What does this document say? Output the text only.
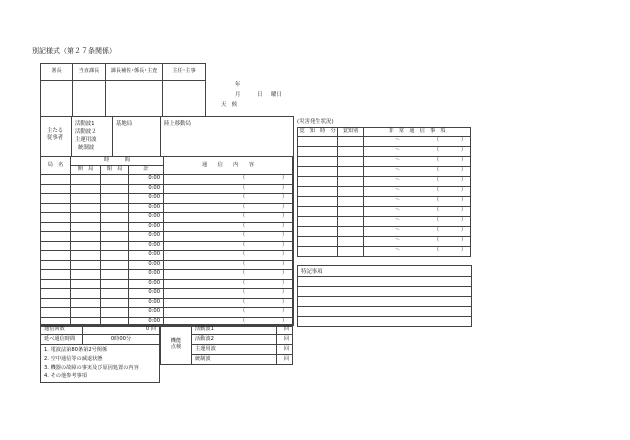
別記様式（第２７条関係）
署長	当直課長	課長補佐･係長･主査	主任･主事	

年
月	日 曜日
天　候
主たる
従事者
活動波1
活動波２
主運用波
統制波
基地局	陸上移動局
局　名	時　　　間			通　　信　　内　　容
	開　局	閉　局	計	
			0:00	（ ）

			0:00	（ ）

			0:00	（ ）

			0:00	（ ）

			0:00	（ ）

			0:00	（ ）

			0:00	（ ）

			0:00	（ ）

			0:00	（ ）

			0:00	（ ）

			0:00	（ ）

			0:00	（ ）

			0:00	（ ）

			0:00	（ ）

			0:00	（ ）

			0:00	（ ）
通信回数	0 回
延べ通信時間	0時00分

1. 電波法第80条第2号関係
2. 空中通信等の減退状態
3. 機器の故障の事実及び原因処置の内容
4. その他参考事項	
機能
点検	活動波1	回
	活動波2	回
	主運用波	回
	統制波	回
(災害発生状況)
覚　知　時　分	覚知別	非　常　通　信　事　項

		〜 （ ）

		〜 （ ）

		〜 （ ）

		〜 （ ）

		〜 （ ）

		〜 （ ）

		〜 （ ）

		〜 （ ）

		〜 （ ）

		〜 （ ）

		〜 （ ）

		〜 （ ）
特記事項
